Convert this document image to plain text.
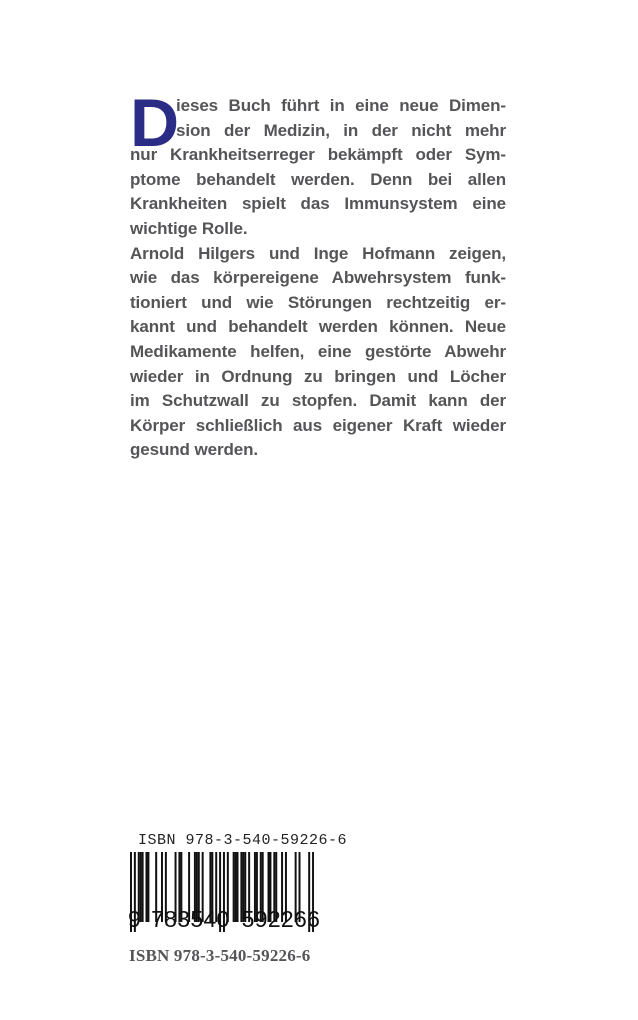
D
ieses Buch führt in eine neue Dimen-
sion der Medizin, in der nicht mehr
nur Krankheitserreger bekämpft oder Sym-
ptome behandelt werden. Denn bei allen
Krankheiten spielt das Immunsystem eine
wichtige Rolle.
Arnold Hilgers und Inge Hofmann zeigen,
wie das körpereigene Abwehrsystem funk-
tioniert und wie Störungen rechtzeitig er-
kannt und behandelt werden können. Neue
Medikamente helfen, eine gestörte Abwehr
wieder in Ordnung zu bringen und Löcher
im Schutzwall zu stopfen. Damit kann der
Körper schließlich aus eigener Kraft wieder
gesund werden.
ISBN 978-3-540-59226-6
9 783540 592266
ISBN 978-3-540-59226-6
